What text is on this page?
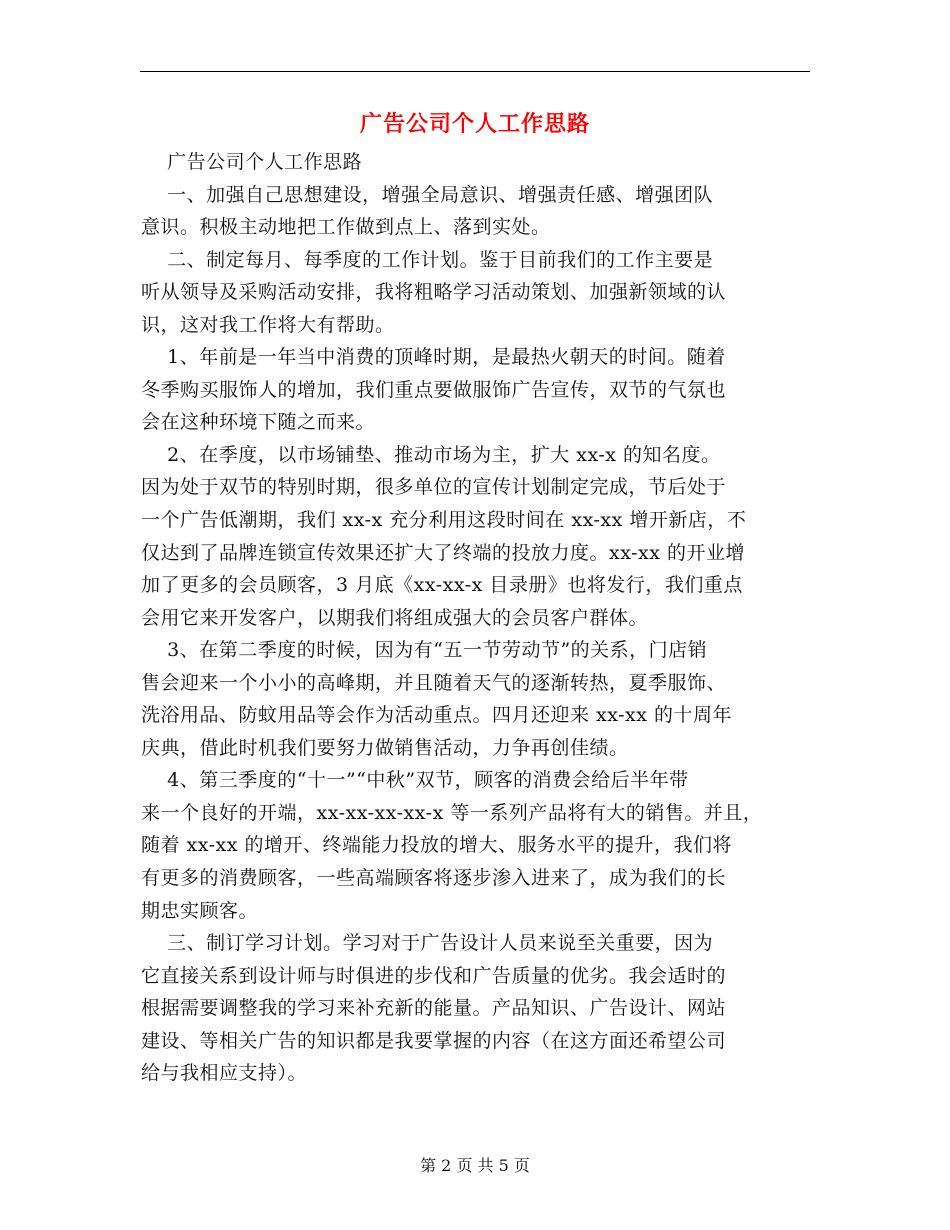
广告公司个人工作思路
广告公司个人工作思路
一、加强自己思想建设，增强全局意识、增强责任感、增强团队
意识。积极主动地把工作做到点上、落到实处。
二、制定每月、每季度的工作计划。鉴于目前我们的工作主要是
听从领导及采购活动安排，我将粗略学习活动策划、加强新领域的认
识，这对我工作将大有帮助。
1、年前是一年当中消费的顶峰时期，是最热火朝天的时间。随着
冬季购买服饰人的增加，我们重点要做服饰广告宣传，双节的气氛也
会在这种环境下随之而来。
2、在季度，以市场铺垫、推动市场为主，扩大 xx-x 的知名度。
因为处于双节的特别时期，很多单位的宣传计划制定完成，节后处于
一个广告低潮期，我们 xx-x 充分利用这段时间在 xx-xx 增开新店，不
仅达到了品牌连锁宣传效果还扩大了终端的投放力度。xx-xx 的开业增
加了更多的会员顾客，3 月底《xx-xx-x 目录册》也将发行，我们重点
会用它来开发客户，以期我们将组成强大的会员客户群体。
3、在第二季度的时候，因为有“五一节劳动节”的关系，门店销
售会迎来一个小小的高峰期，并且随着天气的逐渐转热，夏季服饰、
洗浴用品、防蚊用品等会作为活动重点。四月还迎来 xx-xx 的十周年
庆典，借此时机我们要努力做销售活动，力争再创佳绩。
4、第三季度的“十一”“中秋”双节，顾客的消费会给后半年带
来一个良好的开端，xx-xx-xx-xx-x 等一系列产品将有大的销售。并且，
随着 xx-xx 的增开、终端能力投放的增大、服务水平的提升，我们将
有更多的消费顾客，一些高端顾客将逐步渗入进来了，成为我们的长
期忠实顾客。
三、制订学习计划。学习对于广告设计人员来说至关重要，因为
它直接关系到设计师与时俱进的步伐和广告质量的优劣。我会适时的
根据需要调整我的学习来补充新的能量。产品知识、广告设计、网站
建设、等相关广告的知识都是我要掌握的内容（在这方面还希望公司
给与我相应支持）。
第 2 页 共 5 页
